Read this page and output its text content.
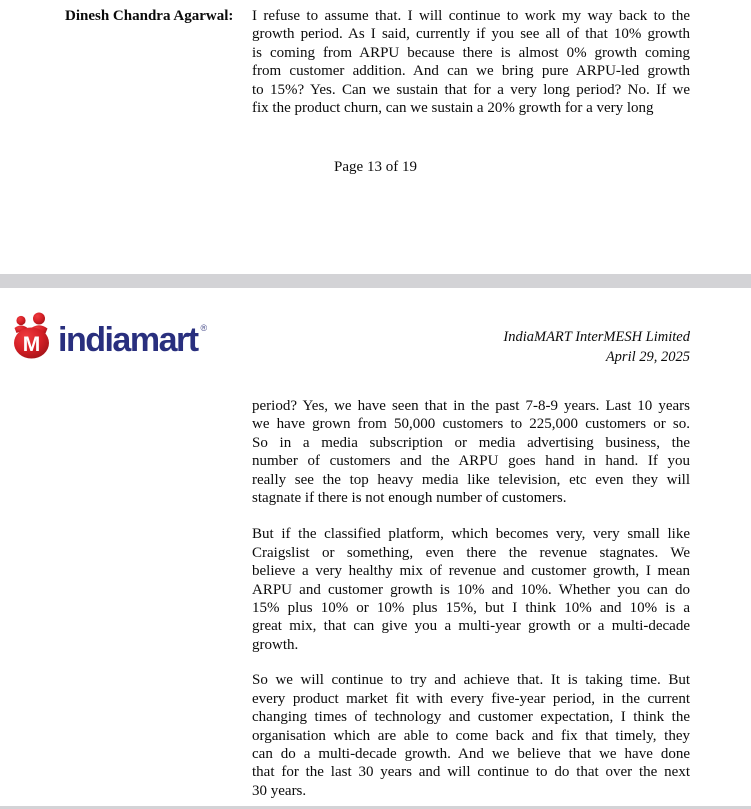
Dinesh Chandra Agarwal:	I refuse to assume that. I will continue to work my way back to the
growth period. As I said, currently if you see all of that 10% growth
is coming from ARPU because there is almost 0% growth coming
from customer addition. And can we bring pure ARPU-led growth
to 15%? Yes. Can we sustain that for a very long period? No. If we
fix the product churn, can we sustain a 20% growth for a very long
Page 13 of 19
M indiamart ®
IndiaMART InterMESH Limited
April 29, 2025
period? Yes, we have seen that in the past 7-8-9 years. Last 10 years
we have grown from 50,000 customers to 225,000 customers or so.
So in a media subscription or media advertising business, the
number of customers and the ARPU goes hand in hand. If you
really see the top heavy media like television, etc even they will
stagnate if there is not enough number of customers.
But if the classified platform, which becomes very, very small like
Craigslist or something, even there the revenue stagnates. We
believe a very healthy mix of revenue and customer growth, I mean
ARPU and customer growth is 10% and 10%. Whether you can do
15% plus 10% or 10% plus 15%, but I think 10% and 10% is a
great mix, that can give you a multi-year growth or a multi-decade
growth.
So we will continue to try and achieve that. It is taking time. But
every product market fit with every five-year period, in the current
changing times of technology and customer expectation, I think the
organisation which are able to come back and fix that timely, they
can do a multi-decade growth. And we believe that we have done
that for the last 30 years and will continue to do that over the next
30 years.
